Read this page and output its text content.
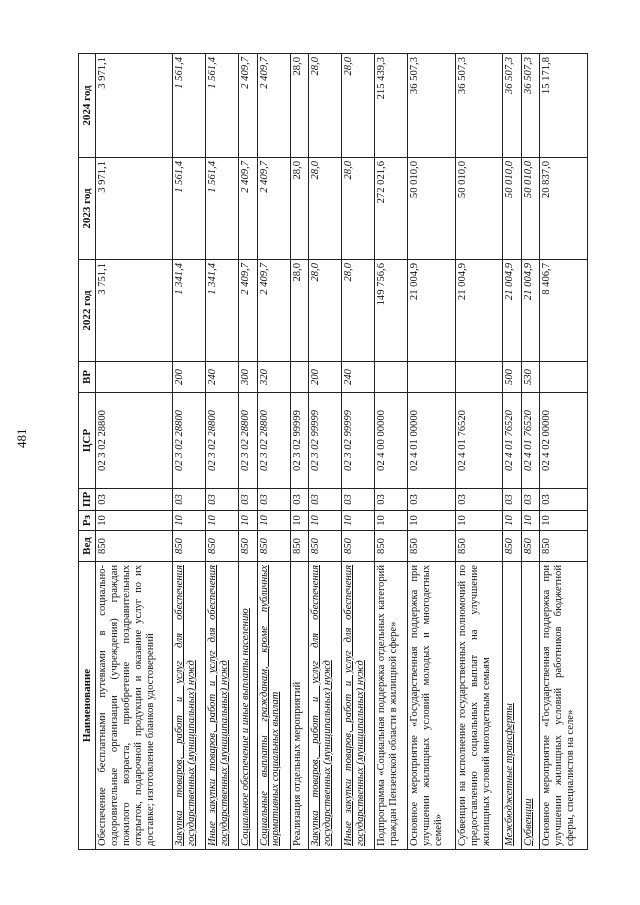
481
Наименование	Вед	Рз	ПР	ЦСР	ВР	2022 год	2023 год	2024 год
Обеспечение бесплатными путевками в социально-оздоровительные организации (учреждения) граждан пожилого возраста, приобретение поздравительных открыток, подарочной продукции и оказание услуг по их доставке; изготовление бланков удостоверений	850	10	03	02 3 02 28800		3 751,1	3 971,1	3 971,1
Закупка товаров, работ и услуг для обеспечения государственных (муниципальных) нужд	850	10	03	02 3 02 28800	200	1 341,4	1 561,4	1 561,4
Иные закупки товаров, работ и услуг для обеспечения государственных (муниципальных) нужд	850	10	03	02 3 02 28800	240	1 341,4	1 561,4	1 561,4
Социальное обеспечение и иные выплаты населению	850	10	03	02 3 02 28800	300	2 409,7	2 409,7	2 409,7
Социальные выплаты гражданам, кроме публичных нормативных социальных выплат	850	10	03	02 3 02 28800	320	2 409,7	2 409,7	2 409,7
Реализация отдельных мероприятий	850	10	03	02 3 02 99999		28,0	28,0	28,0
Закупка товаров, работ и услуг для обеспечения государственных (муниципальных) нужд	850	10	03	02 3 02 99999	200	28,0	28,0	28,0
Иные закупки товаров, работ и услуг для обеспечения государственных (муниципальных) нужд	850	10	03	02 3 02 99999	240	28,0	28,0	28,0
Подпрограмма «Социальная поддержка отдельных категорий граждан Пензенской области в жилищной сфере»	850	10	03	02 4 00 00000		149 756,6	272 021,6	215 439,3
Основное мероприятие «Государственная поддержка при улучшении жилищных условий молодых и многодетных семей»	850	10	03	02 4 01 00000		21 004,9	50 010,0	36 507,3
Субвенции на исполнение государственных полномочий по предоставлению социальных выплат на улучшение жилищных условий многодетным семьям	850	10	03	02 4 01 76520		21 004,9	50 010,0	36 507,3
Межбюджетные трансферты	850	10	03	02 4 01 76520	500	21 004,9	50 010,0	36 507,3
Субвенции	850	10	03	02 4 01 76520	530	21 004,9	50 010,0	36 507,3
Основное мероприятие «Государственная поддержка при улучшении жилищных условий работников бюджетной сферы, специалистов на селе»	850	10	03	02 4 02 00000		8 406,7	20 837,0	15 171,8
